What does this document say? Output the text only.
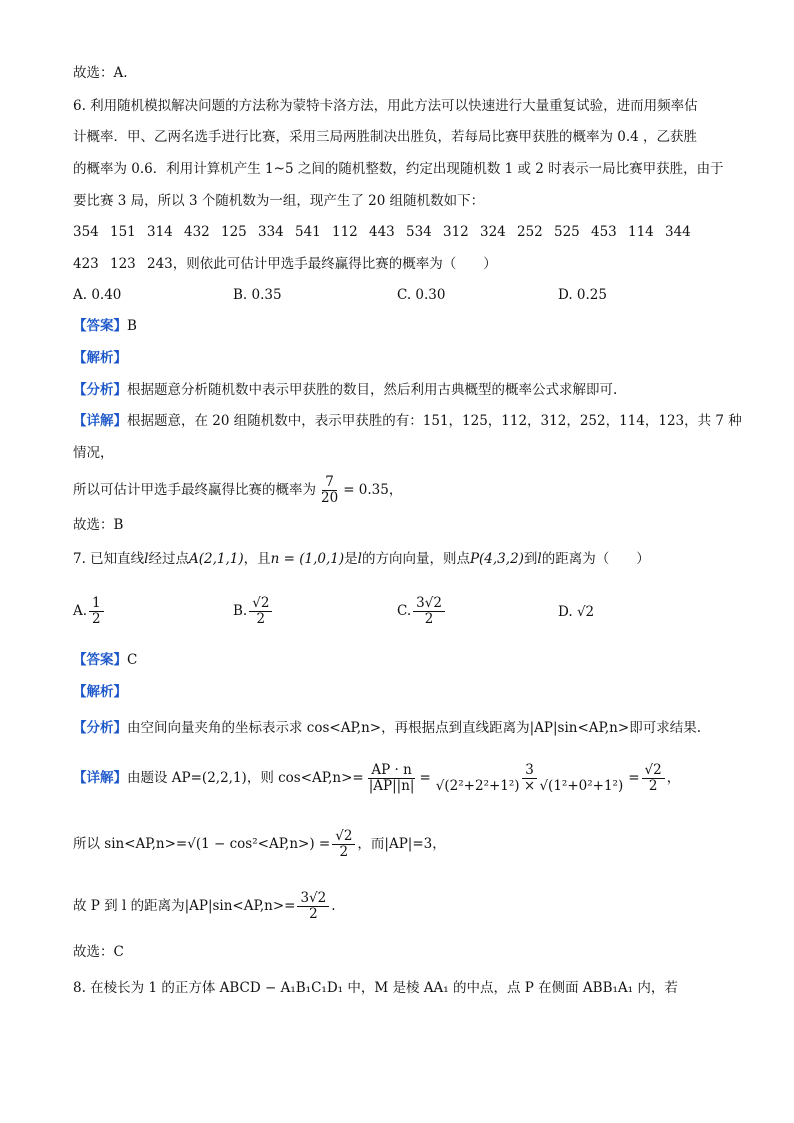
故选：A.
6. 利用随机模拟解决问题的方法称为蒙特卡洛方法，用此方法可以快速进行大量重复试验，进而用频率估
计概率．甲、乙两名选手进行比赛，采用三局两胜制决出胜负，若每局比赛甲获胜的概率为 0.4 ，乙获胜
的概率为 0.6．利用计算机产生 1~5 之间的随机整数，约定出现随机数 1 或 2 时表示一局比赛甲获胜，由于
要比赛 3 局，所以 3 个随机数为一组，现产生了 20 组随机数如下：
354 151 314 432 125 334 541 112 443 534 312 324 252 525 453 114 344
423 123 243，则依此可估计甲选手最终赢得比赛的概率为（　　）
A. 0.40	B. 0.35	C. 0.30	D. 0.25
【答案】B
【解析】
【分析】根据题意分析随机数中表示甲获胜的数目，然后利用古典概型的概率公式求解即可.
【详解】根据题意，在 20 组随机数中，表示甲获胜的有：151，125，112，312，252，114，123，共 7 种
情况，
所以可估计甲选手最终赢得比赛的概率为 $\frac{7}{20} = 0.35$，
故选：B
7. 已知直线l经过点A(2,1,1)，且n = (1,0,1)是l的方向向量，则点P(4,3,2)到l的距离为（　　）
A. $\frac{1}{2}$	B. $\frac{√2}{2}$	C. $\frac{3√2}{2}$	D. √2
【答案】C
【解析】
【分析】由空间向量夹角的坐标表示求 cos<AP,n>，再根据点到直线距离为|AP|sin<AP,n>即可求结果.
【详解】由题设 AP=(2,2,1)，则 $\cos<AP,n>= \frac{AP \cdot n}{|AP||n|} = \frac{3}{\text{√(2²+2²+1²) × √(1²+0²+1²)}} = \frac{√2}{2}$ ，
所以 $\sin<AP,n>=√(1 - \cos^2<AP,n>) = \frac{√2}{2}$ ，而|AP|=3，
故 P 到 l 的距离为$|AP|\sin<AP,n>= \frac{3√2}{2}$ .
故选：C
8. 在棱长为 1 的正方体 ABCD − A₁B₁C₁D₁ 中，M 是棱 AA₁ 的中点，点 P 在侧面 ABB₁A₁ 内，若
